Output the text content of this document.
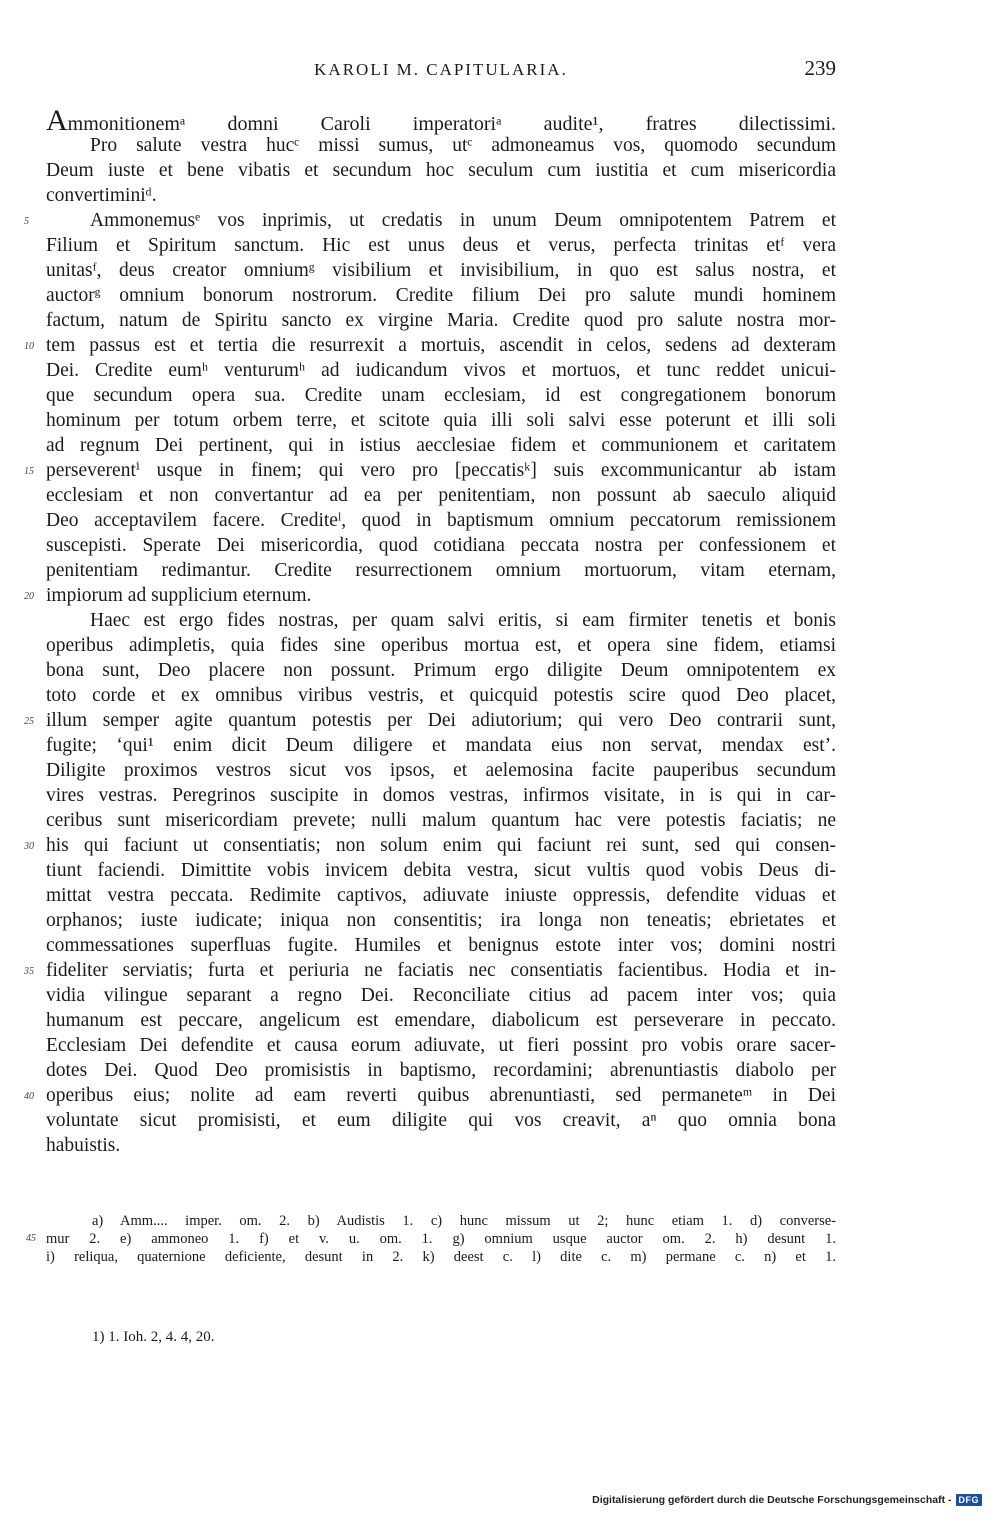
KAROLI M. CAPITULARIA.	239
Ammonitionemᵃ domni Caroli imperatoriᵃ audite¹, fratres dilectissimi.
Pro salute vestra hucᶜ missi sumus, utᶜ admoneamus vos, quomodo secundum
Deum iuste et bene vibatis et secundum hoc seculum cum iustitia et cum misericordia
convertiminiᵈ.
Ammonemusᵉ vos inprimis, ut credatis in unum Deum omnipotentem Patrem et
5
Filium et Spiritum sanctum. Hic est unus deus et verus, perfecta trinitas etᶠ vera
unitasᶠ, deus creator omniumᵍ visibilium et invisibilium, in quo est salus nostra, et
auctorᵍ omnium bonorum nostrorum. Credite filium Dei pro salute mundi hominem
factum, natum de Spiritu sancto ex virgine Maria. Credite quod pro salute nostra mor-
tem passus est et tertia die resurrexit a mortuis, ascendit in celos, sedens ad dexteram
10
Dei. Credite eumʰ venturumʰ ad iudicandum vivos et mortuos, et tunc reddet unicui-
que secundum opera sua. Credite unam ecclesiam, id est congregationem bonorum
hominum per totum orbem terre, et scitote quia illi soli salvi esse poterunt et illi soli
ad regnum Dei pertinent, qui in istius aecclesiae fidem et communionem et caritatem
perseverentⁱ usque in finem; qui vero pro [peccatisᵏ] suis excommunicantur ab istam
15
ecclesiam et non convertantur ad ea per penitentiam, non possunt ab saeculo aliquid
Deo acceptavilem facere. Crediteˡ, quod in baptismum omnium peccatorum remissionem
suscepisti. Sperate Dei misericordia, quod cotidiana peccata nostra per confessionem et
penitentiam redimantur. Credite resurrectionem omnium mortuorum, vitam eternam,
impiorum ad supplicium eternum.
20
Haec est ergo fides nostras, per quam salvi eritis, si eam firmiter tenetis et bonis
operibus adimpletis, quia fides sine operibus mortua est, et opera sine fidem, etiamsi
bona sunt, Deo placere non possunt. Primum ergo diligite Deum omnipotentem ex
toto corde et ex omnibus viribus vestris, et quicquid potestis scire quod Deo placet,
illum semper agite quantum potestis per Dei adiutorium; qui vero Deo contrarii sunt,
25
fugite; ‘qui¹ enim dicit Deum diligere et mandata eius non servat, mendax est’.
Diligite proximos vestros sicut vos ipsos, et aelemosina facite pauperibus secundum
vires vestras. Peregrinos suscipite in domos vestras, infirmos visitate, in is qui in car-
ceribus sunt misericordiam prevete; nulli malum quantum hac vere potestis faciatis; ne
his qui faciunt ut consentiatis; non solum enim qui faciunt rei sunt, sed qui consen-
30
tiunt faciendi. Dimittite vobis invicem debita vestra, sicut vultis quod vobis Deus di-
mittat vestra peccata. Redimite captivos, adiuvate iniuste oppressis, defendite viduas et
orphanos; iuste iudicate; iniqua non consentitis; ira longa non teneatis; ebrietates et
commessationes superfluas fugite. Humiles et benignus estote inter vos; domini nostri
fideliter serviatis; furta et periuria ne faciatis nec consentiatis facientibus. Hodia et in-
35
vidia vilingue separant a regno Dei. Reconciliate citius ad pacem inter vos; quia
humanum est peccare, angelicum est emendare, diabolicum est perseverare in peccato.
Ecclesiam Dei defendite et causa eorum adiuvate, ut fieri possint pro vobis orare sacer-
dotes Dei. Quod Deo promisistis in baptismo, recordamini; abrenuntiastis diabolo per
operibus eius; nolite ad eam reverti quibus abrenuntiasti, sed permaneteᵐ in Dei
40
voluntate sicut promisisti, et eum diligite qui vos creavit, aⁿ quo omnia bona
habuistis.
a) Amm.... imper. om. 2. b) Audistis 1. c) hunc missum ut 2; hunc etiam 1. d) converse-
mur 2. e) ammoneo 1. f) et v. u. om. 1. g) omnium usque auctor om. 2. h) desunt 1.
45
i) reliqua, quaternione deficiente, desunt in 2. k) deest c. l) dite c. m) permane c. n) et 1.
1) 1. Ioh. 2, 4. 4, 20.
Digitalisierung gefördert durch die Deutsche Forschungsgemeinschaft - DFG
